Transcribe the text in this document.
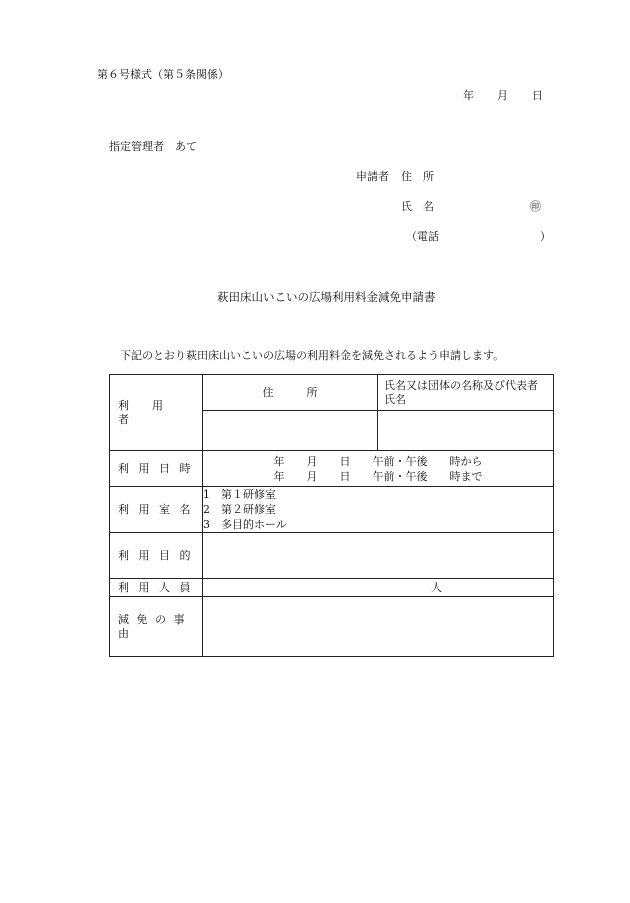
第６号様式（第５条関係）
年 月 日
指定管理者　あて
申請者 住　所
氏　名	㊞
（電話	）
萩田床山いこいの広場利用料金減免申請書
下記のとおり萩田床山いこいの広場の利用料金を減免されるよう申請します。
利　用　者	住　　　所	氏名又は団体の名称及び代表者
氏名

利 用 日 時	年　　月　　日　　午前・午後　　時から
年　　月　　日　　午前・午後　　時まで	

利 用 室 名	1　第１研修室
2　第２研修室
3　多目的ホール	

利 用 目 的		
利 用 人 員	人	
減 免 の 事 由		
